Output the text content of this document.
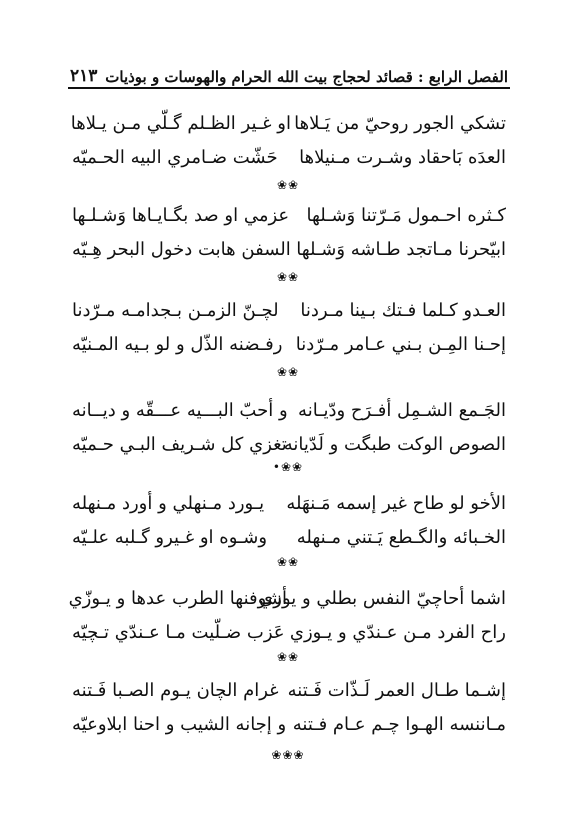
الفصل الرابع : قصائد لحجاج بيت الله الحرام والهوسات و بوذيات
٢١٣
تشكي الجور روحيّ من يَـلاها
او غـير الظـلم گـلّي مـن يـلاها
العدَه بَاحقاد وشـرت مـنيلاها
حَشّت ضـامري البيه الحـميّه
❀❀
كـثره احـمول مَـرّتنا وَشـلها
عزمي او صد بگـايـاها وَشـلـها
ابيّحرنا مـاتجد طـاشه وَشـلها
السفن هابت دخول البحر هِـيّه
❀❀
العـدو كـلما فـتك بـينا مـردنا
لچـنّ الزمـن بـجدامـه مـرّدنا
إحـنا المِـن بـني عـامر مـرّدنا
رفـضنه الذّل و لو بـيه المـنيّه
❀❀
الجَـمع الشـمِل أفـرَح ودّيـانه
و أحبّ البـــيه عـــقّه و ديــانه
الصوص الوكت طبگت و لَدّيانه
تغزي كل شـريف البـي حـميّه
•❀❀
الأخو لو طاح غير إسمه مَـنهَله
يـورد مـنهلي و أورد مـنهله
الخـبائه والگـطع يَـتني مـنهله
وشـوه او غـيرو گـلبه علـيّه
❀❀
اشما أحاچيّ النفس بطلي و يوزي
أشوفنها الطرب عدها و يـوزّي
راح الفرد مـن عـندّي و يـوزي
عَزب ضـلّيت مـا عـندّي تـچيّه
❀❀
إشـما طـال العمر لَـذّات فَـتنه
غرام الچان يـوم الصـبا فَـتنه
مـاننسه الهـوا چـم عـام فـتنه
و إجانه الشيب و احنا ابلاوعيّه
❀❀❀
